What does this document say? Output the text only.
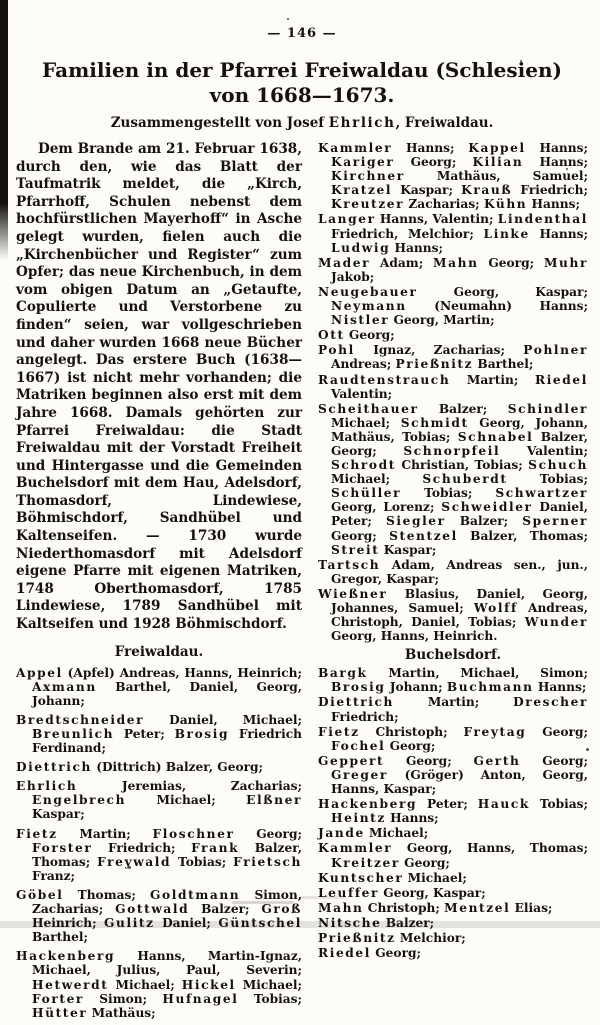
— 146 —
Familien in der Pfarrei Freiwaldau (Schlesien)
von 1668—1673.
Zusammengestellt von Josef Ehrlich, Freiwaldau.
Dem Brande am 21. Februar 1638, durch den, wie das Blatt der Taufmatrik meldet, die „Kirch, Pfarrhoff, Schulen nebenst dem hochfürstlichen Mayerhoff“ in Asche gelegt wurden, fielen auch die „Kirchenbücher und Register“ zum Opfer; das neue Kirchenbuch, in dem vom obigen Datum an „Getaufte, Copulierte und Verstorbene zu finden“ seien, war vollgeschrieben und daher wurden 1668 neue Bücher angelegt. Das erstere Buch (1638—1667) ist nicht mehr vorhanden; die Matriken beginnen also erst mit dem Jahre 1668. Damals gehörten zur Pfarrei Freiwaldau: die Stadt Freiwaldau mit der Vorstadt Freiheit und Hintergasse und die Gemeinden Buchelsdorf mit dem Hau, Adelsdorf, Thomasdorf, Lindewiese, Böhmischdorf, Sandhübel und Kaltenseifen. — 1730 wurde Niederthomasdorf mit Adelsdorf eigene Pfarre mit eigenen Matriken, 1748 Oberthomasdorf, 1785 Lindewiese, 1789 Sandhübel mit Kaltseifen und 1928 Böhmischdorf.
Freiwaldau.

Appel (Apfel) Andreas, Hanns, Heinrich; Axmann Barthel, Daniel, Georg, Johann;

Bredtschneider Daniel, Michael; Breunlich Peter; Brosig Friedrich Ferdinand;

Diettrich (Dittrich) Balzer, Georg;

Ehrlich Jeremias, Zacharias; Engelbrech Michael; Elßner Kaspar;

Fietz Martin; Floschner Georg; Forster Friedrich; Frank Balzer, Thomas; Freywald Tobias; Frietsch Franz;

Göbel Thomas; Goldtmann Simon, Zacharias; Gottwald Balzer; Groß Heinrich; Gulitz Daniel; Güntschel Barthel;

Hackenberg Hanns, Martin-Ignaz, Michael, Julius, Paul, Severin; Hetwerdt Michael; Hickel Michael; Forter Simon; Hufnagel Tobias; Hütter Mathäus;

Kammler Hanns; Kappel Hanns; Kariger Georg; Kilian Hanns; Kirchner Mathäus, Samuel; Kratzel Kaspar; Krauß Friedrich; Kreutzer Zacharias; Kühn Hanns;

Langer Hanns, Valentin; Lindenthal Friedrich, Melchior; Linke Hanns; Ludwig Hanns;

Mader Adam; Mahn Georg; Muhr Jakob;

Neugebauer Georg, Kaspar; Neymann (Neumahn) Hanns; Nistler Georg, Martin;

Ott Georg;

Pohl Ignaz, Zacharias; Pohlner Andreas; Prießnitz Barthel;

Raudtenstrauch Martin; Riedel Valentin;

Scheithauer Balzer; Schindler Michael; Schmidt Georg, Johann, Mathäus, Tobias; Schnabel Balzer, Georg; Schnorpfeil Valentin; Schrodt Christian, Tobias; Schuch Michael; Schuberdt Tobias; Schüller Tobias; Schwartzer Georg, Lorenz; Schweidler Daniel, Peter; Siegler Balzer; Sperner Georg; Stentzel Balzer, Thomas; Streit Kaspar;

Tartsch Adam, Andreas sen., jun., Gregor, Kaspar;

Wießner Blasius, Daniel, Georg, Johannes, Samuel; Wolff Andreas, Christoph, Daniel, Tobias; Wunder Georg, Hanns, Heinrich.

Buchelsdorf.

Bargk Martin, Michael, Simon; Brosig Johann; Buchmann Hanns;

Diettrich Martin; Drescher Friedrich;

Fietz Christoph; Freytag Georg; Fochel Georg;

Geppert Georg; Gerth Georg; Greger (Gröger) Anton, Georg, Hanns, Kaspar;

Hackenberg Peter; Hauck Tobias; Heintz Hanns;

Jande Michael;

Kammler Georg, Hanns, Thomas; Kreitzer Georg;

Kuntscher Michael;

Leuffer Georg, Kaspar;

Mahn Christoph; Mentzel Elias;

Nitsche Balzer;

Prießnitz Melchior;

Riedel Georg;
